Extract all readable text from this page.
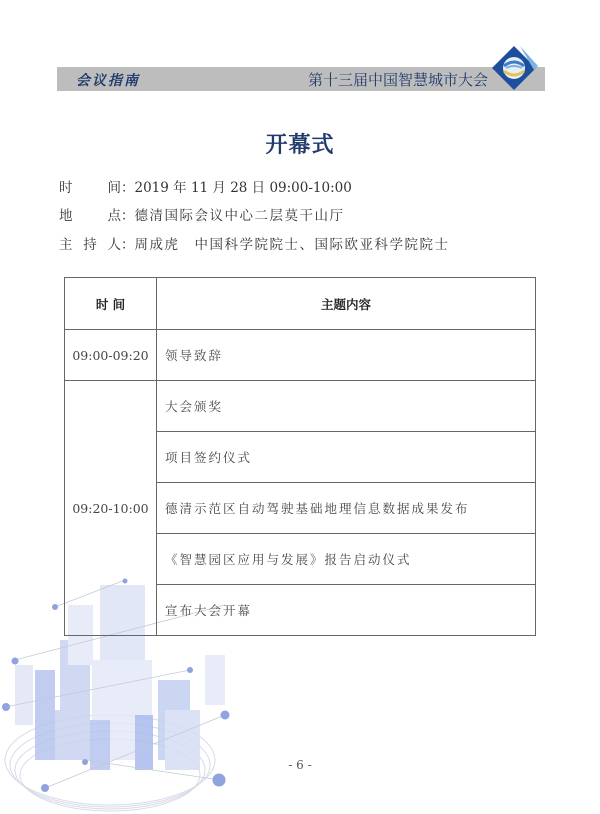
会议指南	第十三届中国智慧城市大会
开幕式
时	间 ：2019 年 11 月 28 日 09:00-10:00
地	点 ：德清国际会议中心二层莫干山厅
主 持 人 ：周成虎　中国科学院院士、国际欧亚科学院院士
时 间	主题内容
09:00-09:20	领导致辞
09:20-10:00	大会颁奖
	项目签约仪式
	德清示范区自动驾驶基础地理信息数据成果发布
	《智慧园区应用与发展》报告启动仪式
	宣布大会开幕
- 6 -
